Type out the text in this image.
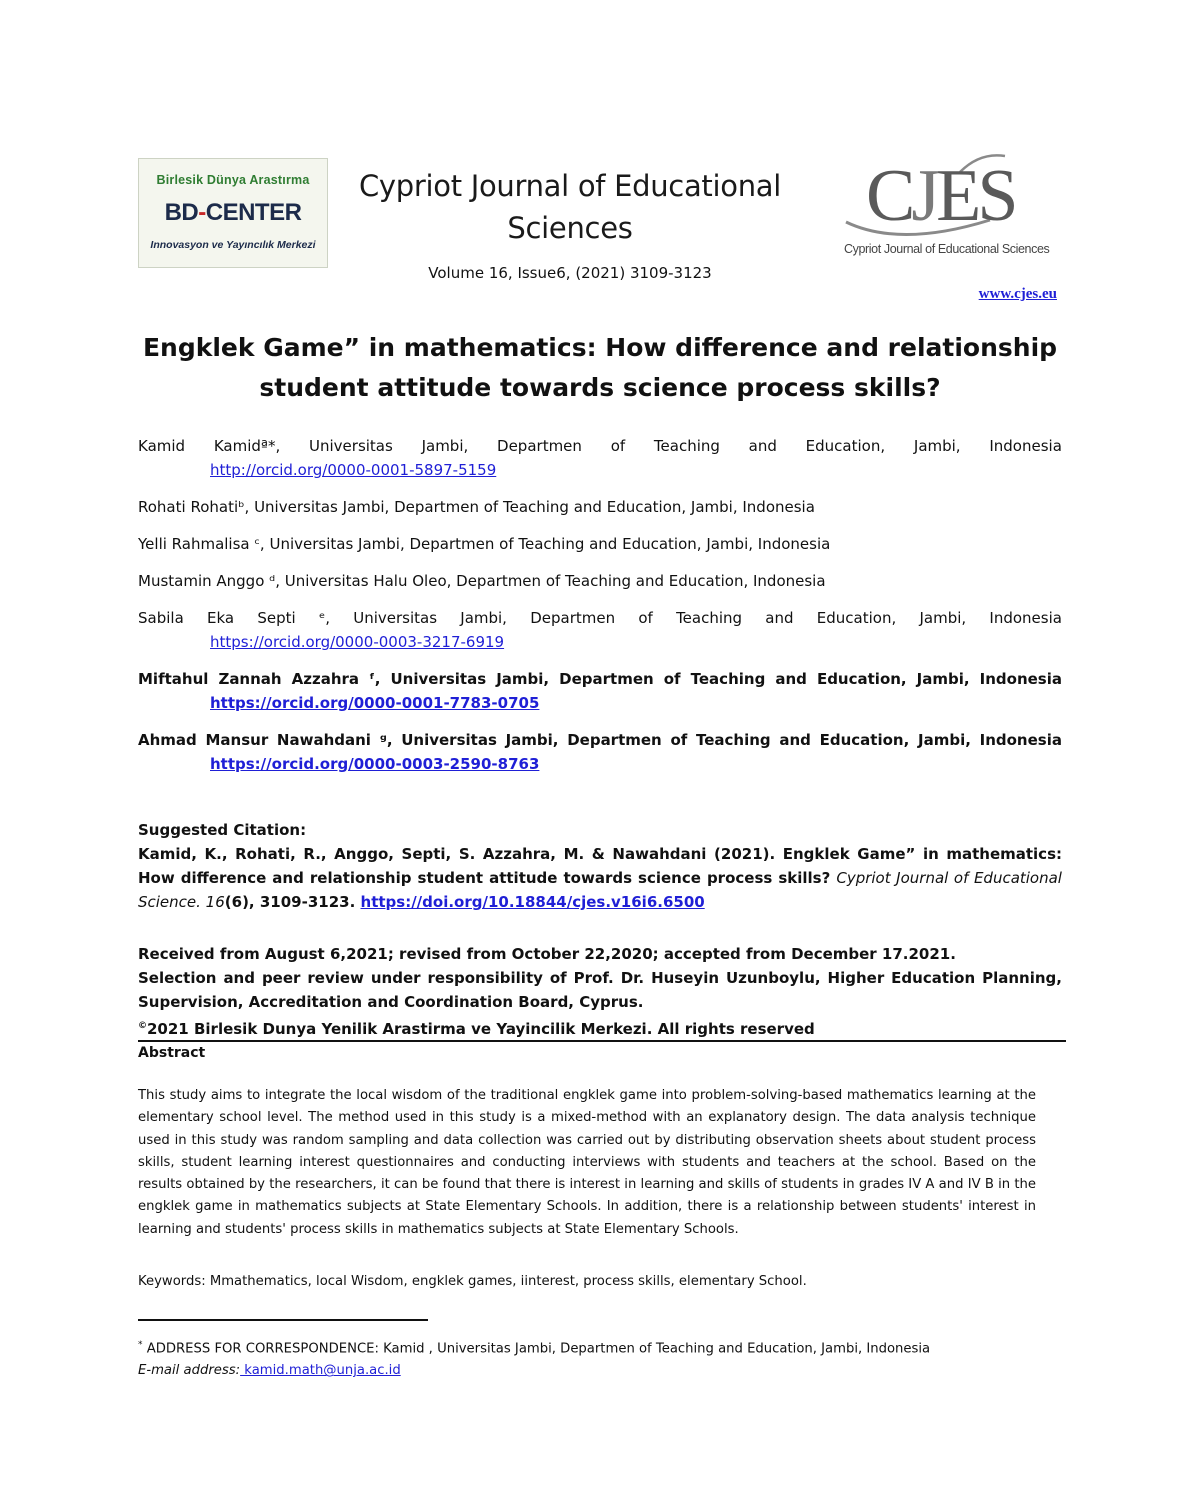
Birlesik Dünya Arastırma
BD-CENTER
Innovasyon ve Yayıncılık Merkezi
Cypriot Journal of Educational Sciences
Volume 16, Issue6, (2021) 3109-3123
CJES
Cypriot Journal of Educational Sciences
www.cjes.eu
Engklek Game” in mathematics: How difference and relationship
student attitude towards science process skills?
Kamid Kamidª*, Universitas Jambi, Departmen of Teaching and Education, Jambi, Indonesia
http://orcid.org/0000-0001-5897-5159
Rohati Rohatiᵇ, Universitas Jambi, Departmen of Teaching and Education, Jambi, Indonesia
Yelli Rahmalisa ᶜ, Universitas Jambi, Departmen of Teaching and Education, Jambi, Indonesia
Mustamin Anggo ᵈ, Universitas Halu Oleo, Departmen of Teaching and Education, Indonesia
Sabila Eka Septi ᵉ, Universitas Jambi, Departmen of Teaching and Education, Jambi, Indonesia
https://orcid.org/0000-0003-3217-6919
Miftahul Zannah Azzahra ᶠ, Universitas Jambi, Departmen of Teaching and Education, Jambi, Indonesia
https://orcid.org/0000-0001-7783-0705
Ahmad Mansur Nawahdani ᵍ, Universitas Jambi, Departmen of Teaching and Education, Jambi, Indonesia
https://orcid.org/0000-0003-2590-8763
Suggested Citation:
Kamid, K., Rohati, R., Anggo, Septi, S. Azzahra, M. & Nawahdani (2021). Engklek Game” in mathematics: How difference and relationship student attitude towards science process skills? Cypriot Journal of Educational Science. 16(6), 3109-3123. https://doi.org/10.18844/cjes.v16i6.6500
Received from August 6,2021; revised from October 22,2020; accepted from December 17.2021.
Selection and peer review under responsibility of Prof. Dr. Huseyin Uzunboylu, Higher Education Planning, Supervision, Accreditation and Coordination Board, Cyprus.
©2021 Birlesik Dunya Yenilik Arastirma ve Yayincilik Merkezi. All rights reserved
Abstract
This study aims to integrate the local wisdom of the traditional engklek game into problem-solving-based mathematics learning at the elementary school level. The method used in this study is a mixed-method with an explanatory design. The data analysis technique used in this study was random sampling and data collection was carried out by distributing observation sheets about student process skills, student learning interest questionnaires and conducting interviews with students and teachers at the school. Based on the results obtained by the researchers, it can be found that there is interest in learning and skills of students in grades IV A and IV B in the engklek game in mathematics subjects at State Elementary Schools. In addition, there is a relationship between students' interest in learning and students' process skills in mathematics subjects at State Elementary Schools.
Keywords: Mmathematics, local Wisdom, engklek games, iinterest, process skills, elementary School.
* ADDRESS FOR CORRESPONDENCE: Kamid , Universitas Jambi, Departmen of Teaching and Education, Jambi, Indonesia
E-mail address: kamid.math@unja.ac.id
